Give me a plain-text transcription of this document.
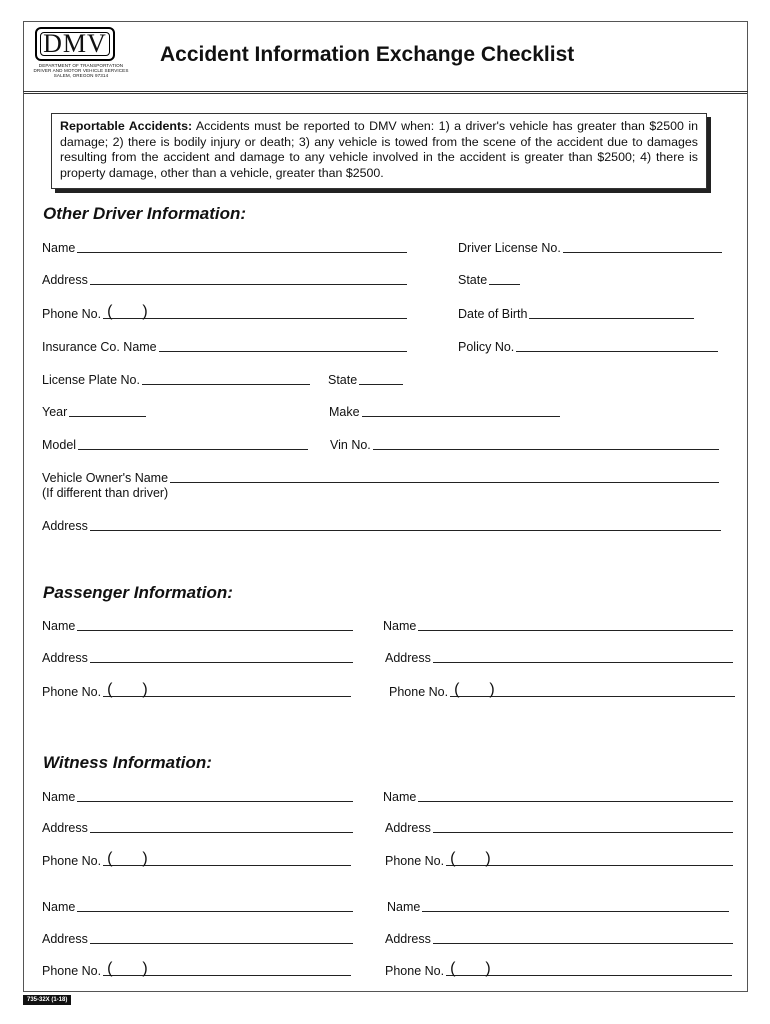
DMV
DEPARTMENT OF TRANSPORTATION
DRIVER AND MOTOR VEHICLE SERVICES
SALEM, OREGON 97314
Accident Information Exchange Checklist
Reportable Accidents: Accidents must be reported to DMV when: 1) a driver's vehicle has greater than $2500 in damage; 2) there is bodily injury or death; 3) any vehicle is towed from the scene of the accident due to damages resulting from the accident and damage to any vehicle involved in the accident is greater than $2500; 4) there is property damage, other than a vehicle, greater than $2500.
Other Driver Information:
Name	Driver License No.
Address	State
Phone No. ( )	Date of Birth
Insurance Co. Name	Policy No.
License Plate No.	State
Year	Make
Model	Vin No.
Vehicle Owner's Name
(If different than driver)
Address
Passenger Information:
Name	Name
Address	Address
Phone No. ( )	Phone No. ( )
Witness Information:
Name	Name
Address	Address
Phone No. ( )	Phone No. ( )
Name	Name
Address	Address
Phone No. ( )	Phone No. ( )
735-32X (1-18)
